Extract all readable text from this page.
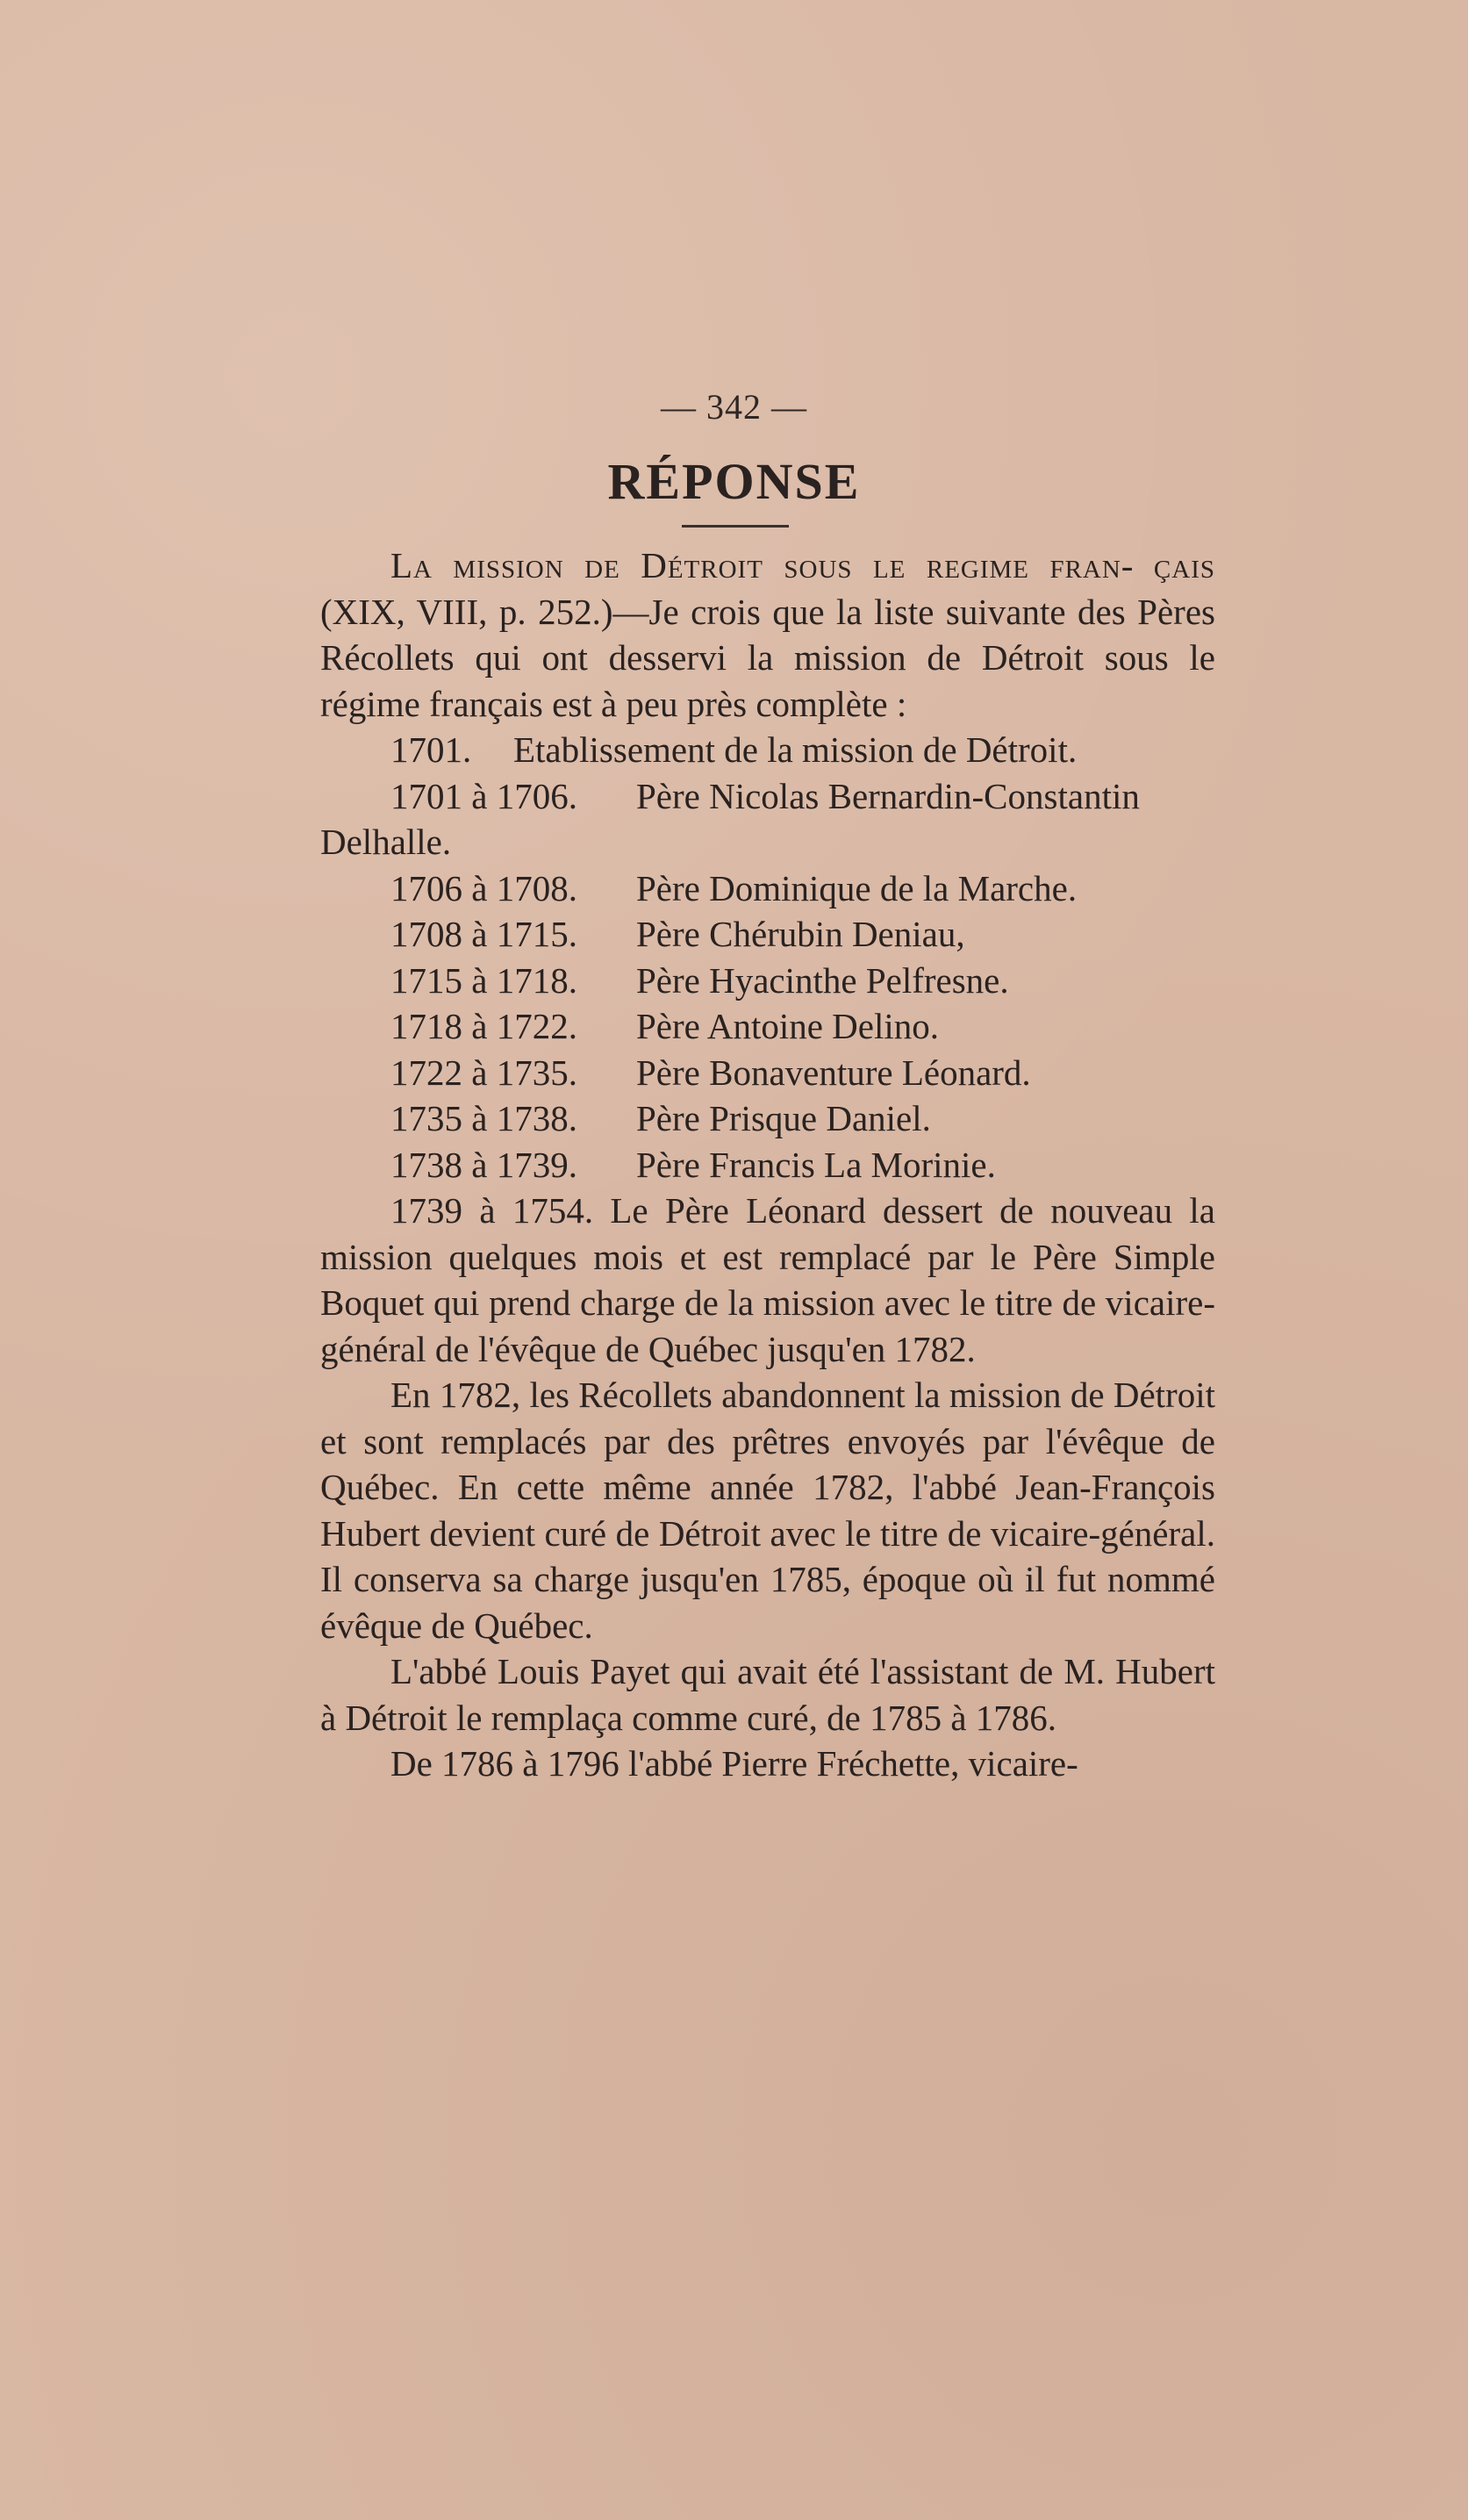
— 342 —
RÉPONSE

La mission de Détroit sous le regime fran- çais (XIX, VIII, p. 252.)—Je crois que la liste suivante des Pères Récollets qui ont desservi la mission de Détroit sous le régime français est à peu près complète :

1701. Etablissement de la mission de Détroit.

1701 à 1706. Père Nicolas Bernardin-Constantin

Delhalle.

1706 à 1708. Père Dominique de la Marche.

1708 à 1715. Père Chérubin Deniau,

1715 à 1718. Père Hyacinthe Pelfresne.

1718 à 1722. Père Antoine Delino.

1722 à 1735. Père Bonaventure Léonard.

1735 à 1738. Père Prisque Daniel.

1738 à 1739. Père Francis La Morinie.

1739 à 1754. Le Père Léonard dessert de nouveau la mission quelques mois et est remplacé par le Père Simple Boquet qui prend charge de la mission avec le titre de vicaire-général de l'évêque de Québec jusqu'en 1782.

En 1782, les Récollets abandonnent la mission de Détroit et sont remplacés par des prêtres envoyés par l'évêque de Québec. En cette même année 1782, l'abbé Jean-François Hubert devient curé de Détroit avec le titre de vicaire-général. Il conserva sa charge jusqu'en 1785, époque où il fut nommé évêque de Québec.

L'abbé Louis Payet qui avait été l'assistant de M. Hubert à Détroit le remplaça comme curé, de 1785 à 1786.

De 1786 à 1796 l'abbé Pierre Fréchette, vicaire-
